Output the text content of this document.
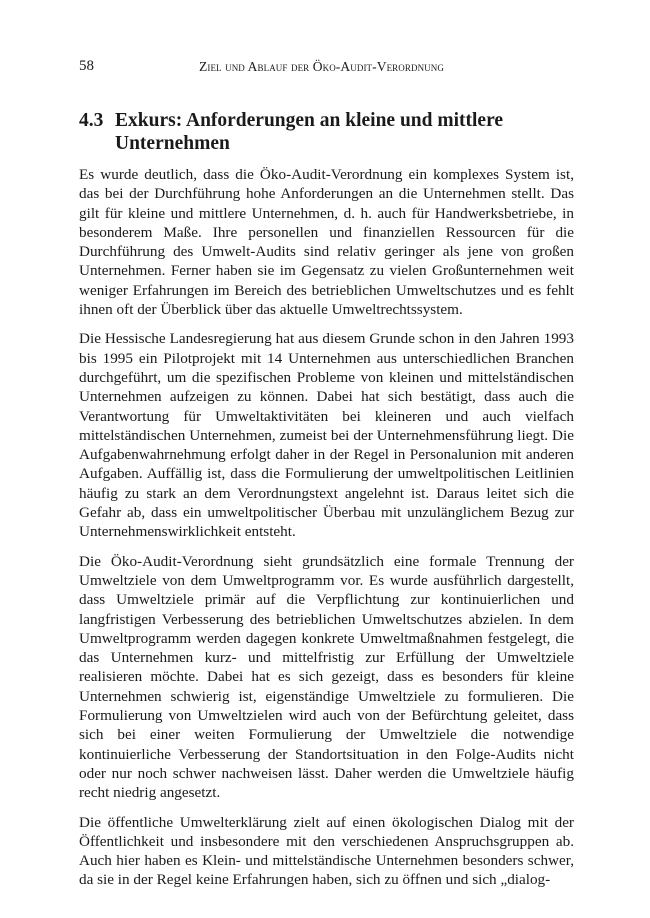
58	Ziel und Ablauf der Öko-Audit-Verordnung
4.3 Exkurs: Anforderungen an kleine und mittlere Unternehmen

Es wurde deutlich, dass die Öko-Audit-Verordnung ein komplexes System ist, das bei der Durchführung hohe Anforderungen an die Unternehmen stellt. Das gilt für kleine und mittlere Unternehmen, d. h. auch für Handwerksbetriebe, in besonderem Maße. Ihre personellen und finanziellen Ressourcen für die Durchführung des Umwelt-Audits sind relativ geringer als jene von großen Unternehmen. Ferner haben sie im Gegensatz zu vielen Großunternehmen weit weniger Erfahrungen im Bereich des betrieblichen Umweltschutzes und es fehlt ihnen oft der Überblick über das aktuelle Umweltrechtssystem.

Die Hessische Landesregierung hat aus diesem Grunde schon in den Jahren 1993 bis 1995 ein Pilotprojekt mit 14 Unternehmen aus unterschiedlichen Branchen durchgeführt, um die spezifischen Probleme von kleinen und mittelständischen Unternehmen aufzeigen zu können. Dabei hat sich bestätigt, dass auch die Verantwortung für Umweltaktivitäten bei kleineren und auch vielfach mittelständischen Unternehmen, zumeist bei der Unternehmensführung liegt. Die Aufgabenwahrnehmung erfolgt daher in der Regel in Personalunion mit anderen Aufgaben. Auffällig ist, dass die Formulierung der umweltpolitischen Leitlinien häufig zu stark an dem Verordnungstext angelehnt ist. Daraus leitet sich die Gefahr ab, dass ein umweltpolitischer Überbau mit unzulänglichem Bezug zur Unternehmenswirklichkeit entsteht.

Die Öko-Audit-Verordnung sieht grundsätzlich eine formale Trennung der Umweltziele von dem Umweltprogramm vor. Es wurde ausführlich dargestellt, dass Umweltziele primär auf die Verpflichtung zur kontinuierlichen und langfristigen Verbesserung des betrieblichen Umweltschutzes abzielen. In dem Umweltprogramm werden dagegen konkrete Umweltmaßnahmen festgelegt, die das Unternehmen kurz- und mittelfristig zur Erfüllung der Umweltziele realisieren möchte. Dabei hat es sich gezeigt, dass es besonders für kleine Unternehmen schwierig ist, eigenständige Umweltziele zu formulieren. Die Formulierung von Umweltzielen wird auch von der Befürchtung geleitet, dass sich bei einer weiten Formulierung der Umweltziele die notwendige kontinuierliche Verbesserung der Standortsituation in den Folge-Audits nicht oder nur noch schwer nachweisen lässt. Daher werden die Umweltziele häufig recht niedrig angesetzt.

Die öffentliche Umwelterklärung zielt auf einen ökologischen Dialog mit der Öffentlichkeit und insbesondere mit den verschiedenen Anspruchsgruppen ab. Auch hier haben es Klein- und mittelständische Unternehmen besonders schwer, da sie in der Regel keine Erfahrungen haben, sich zu öffnen und sich „dialog-
